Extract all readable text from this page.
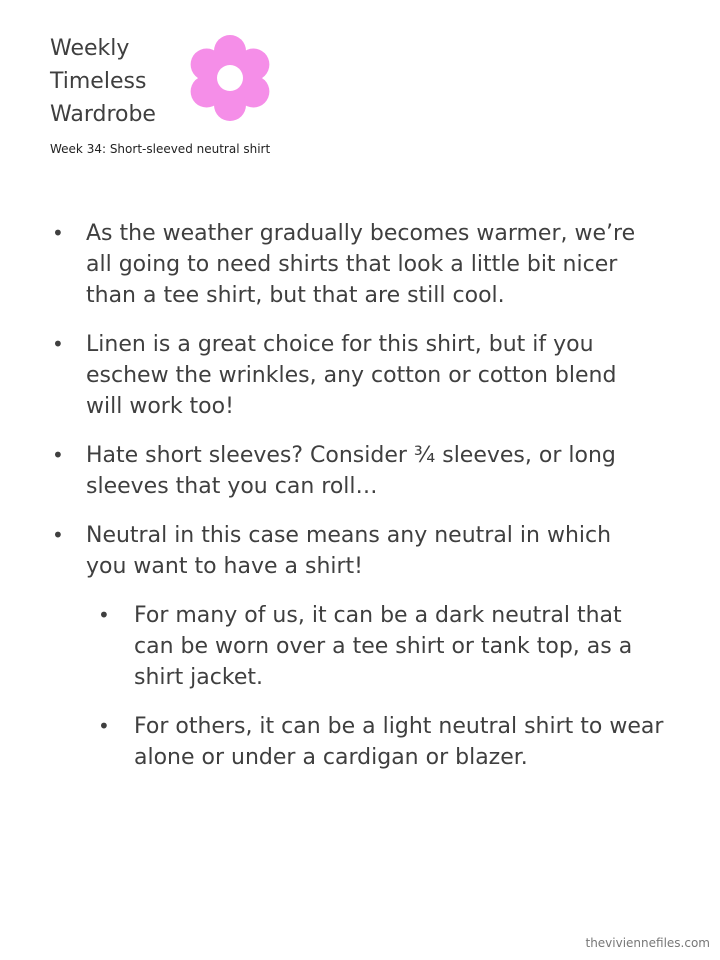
Weekly
Timeless
Wardrobe
Week 34: Short-sleeved neutral shirt
• As the weather gradually becomes warmer, we’re all going to need shirts that look a little bit nicer than a tee shirt, but that are still cool.
• Linen is a great choice for this shirt, but if you eschew the wrinkles, any cotton or cotton blend will work too!
• Hate short sleeves? Consider ¾ sleeves, or long sleeves that you can roll…
• Neutral in this case means any neutral in which you want to have a shirt!
• For many of us, it can be a dark neutral that can be worn over a tee shirt or tank top, as a shirt jacket.
• For others, it can be a light neutral shirt to wear alone or under a cardigan or blazer.
theviviennefiles.com
